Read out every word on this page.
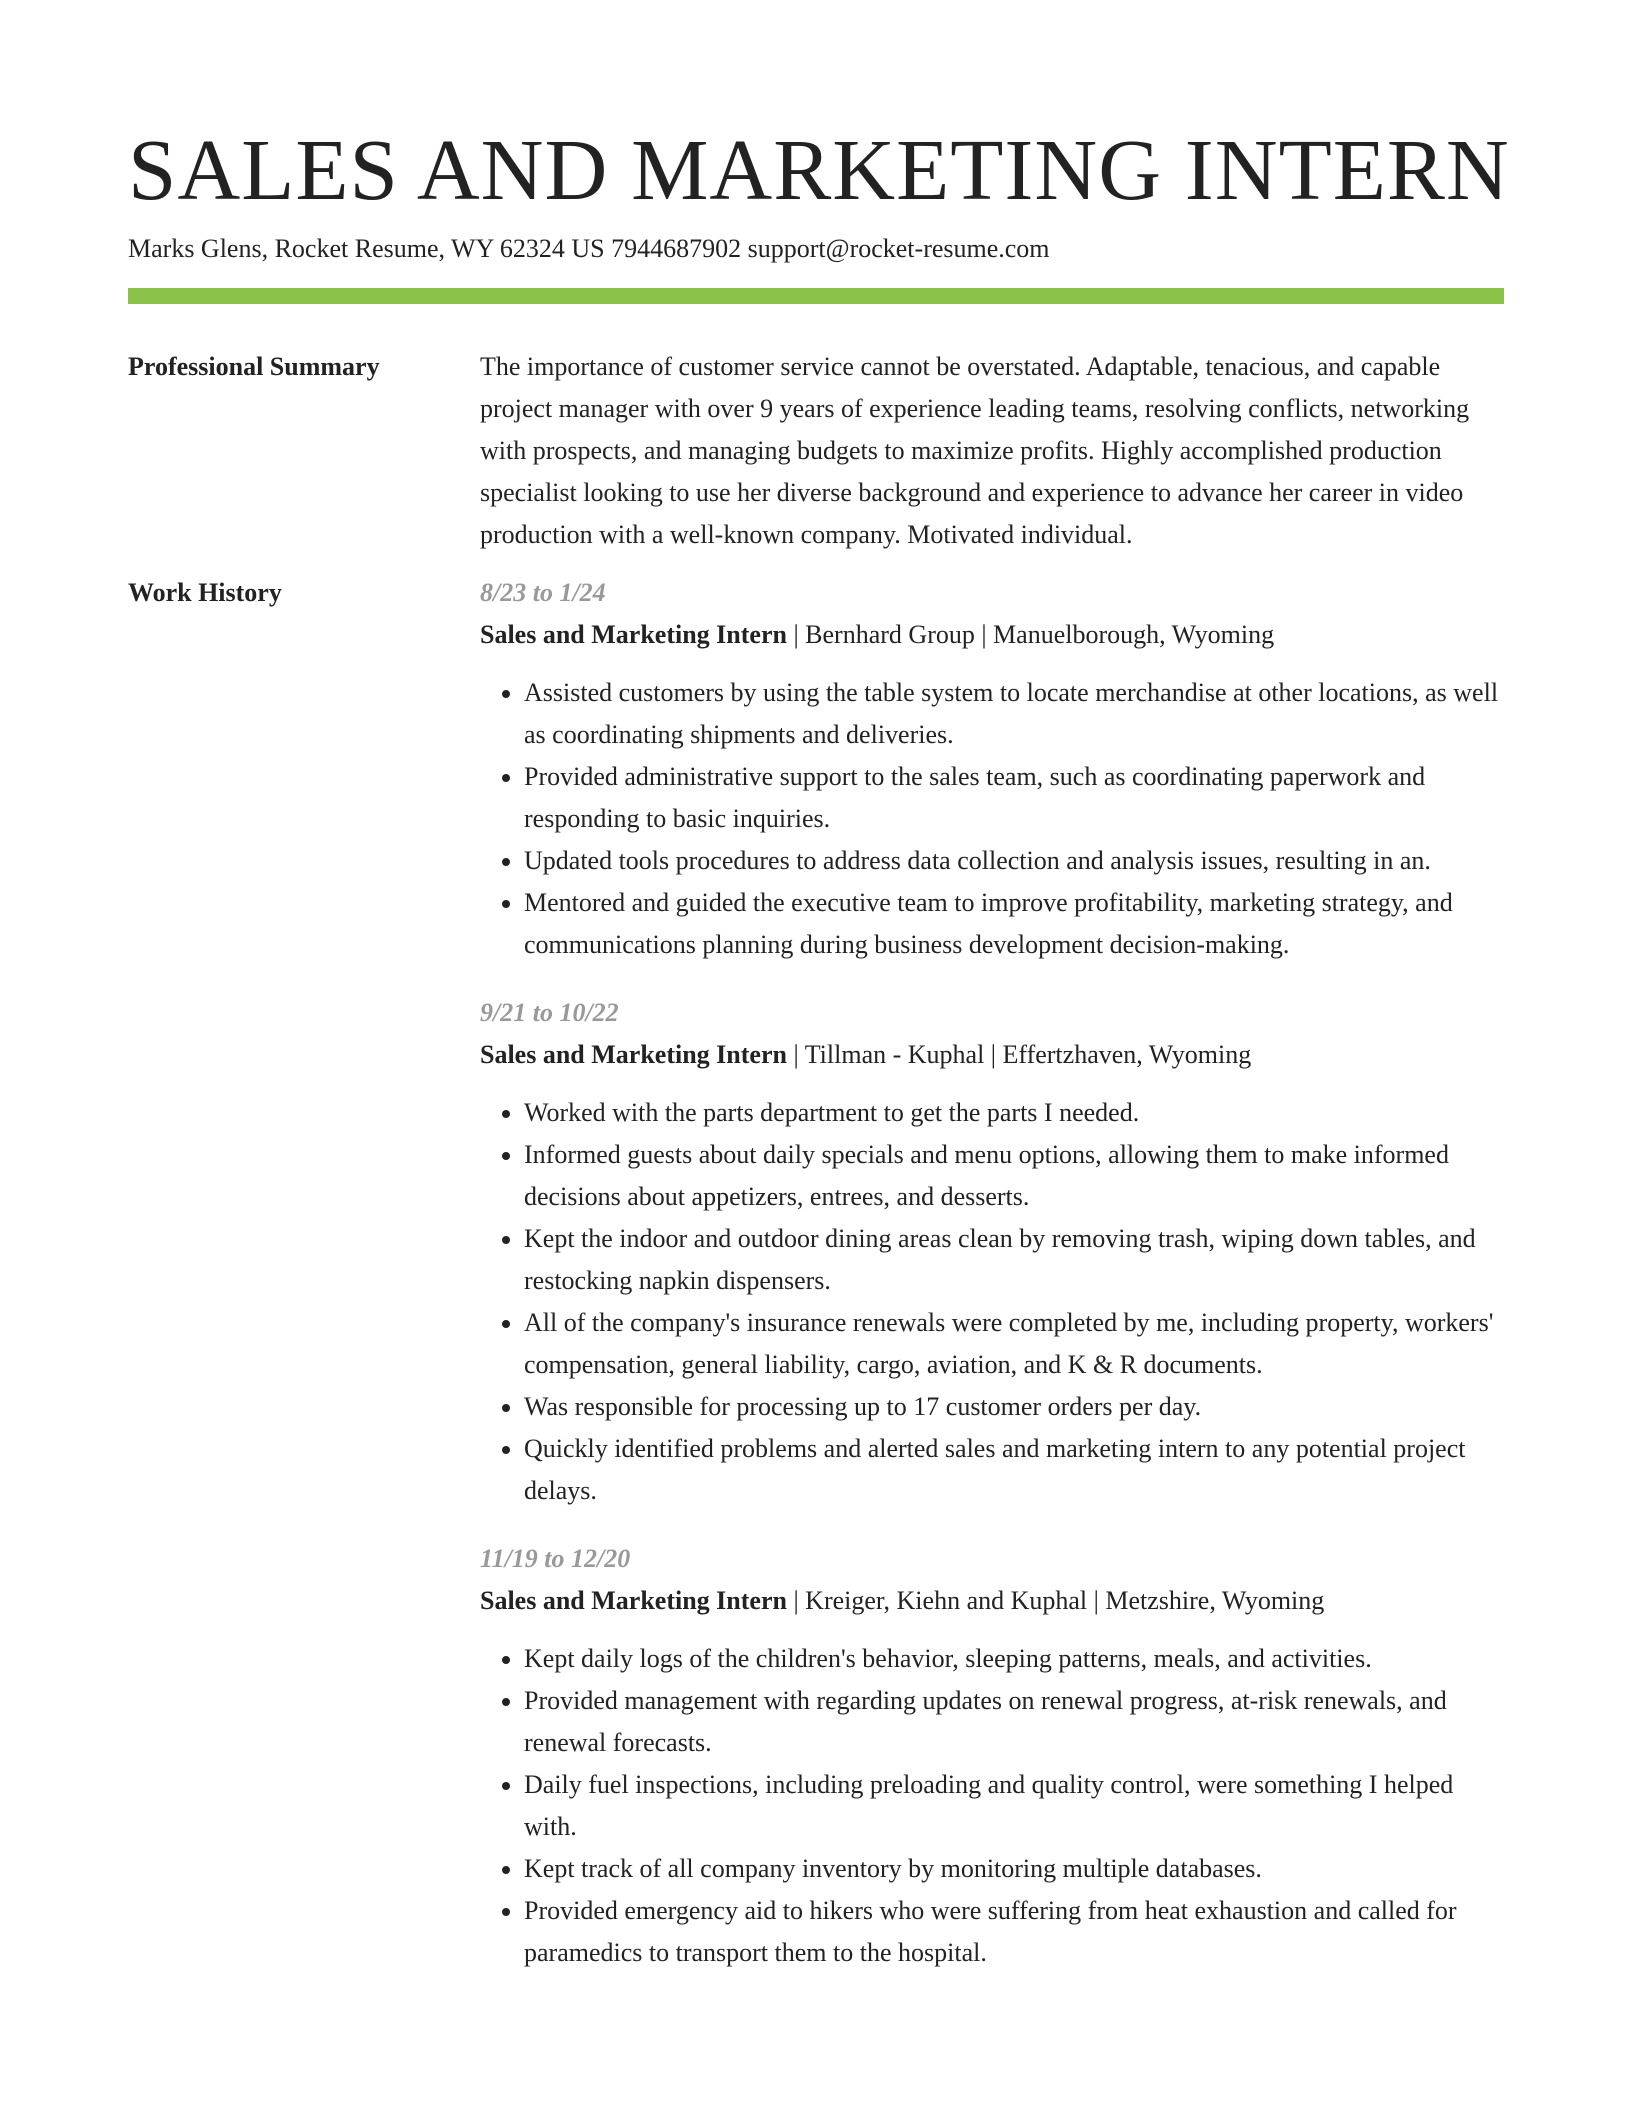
SALES AND MARKETING INTERN
Marks Glens, Rocket Resume, WY 62324 US 7944687902 support@rocket-resume.com
Professional Summary	The importance of customer service cannot be overstated. Adaptable, tenacious, and capable project manager with over 9 years of experience leading teams, resolving conflicts, networking with prospects, and managing budgets to maximize profits. Highly accomplished production specialist looking to use her diverse background and experience to advance her career in video production with a well-known company. Motivated individual.

Work History	8/23 to 1/24
Sales and Marketing Intern | Bernhard Group | Manuelborough, Wyoming
• Assisted customers by using the table system to locate merchandise at other locations, as well as coordinating shipments and deliveries.
• Provided administrative support to the sales team, such as coordinating paperwork and responding to basic inquiries.
• Updated tools procedures to address data collection and analysis issues, resulting in an.
• Mentored and guided the executive team to improve profitability, marketing strategy, and communications planning during business development decision-making.
9/21 to 10/22
Sales and Marketing Intern | Tillman - Kuphal | Effertzhaven, Wyoming
• Worked with the parts department to get the parts I needed.
• Informed guests about daily specials and menu options, allowing them to make informed decisions about appetizers, entrees, and desserts.
• Kept the indoor and outdoor dining areas clean by removing trash, wiping down tables, and restocking napkin dispensers.
• All of the company's insurance renewals were completed by me, including property, workers' compensation, general liability, cargo, aviation, and K & R documents.
• Was responsible for processing up to 17 customer orders per day.
• Quickly identified problems and alerted sales and marketing intern to any potential project delays.
11/19 to 12/20
Sales and Marketing Intern | Kreiger, Kiehn and Kuphal | Metzshire, Wyoming
• Kept daily logs of the children's behavior, sleeping patterns, meals, and activities.
• Provided management with regarding updates on renewal progress, at-risk renewals, and renewal forecasts.
• Daily fuel inspections, including preloading and quality control, were something I helped with.
• Kept track of all company inventory by monitoring multiple databases.
• Provided emergency aid to hikers who were suffering from heat exhaustion and called for paramedics to transport them to the hospital.
